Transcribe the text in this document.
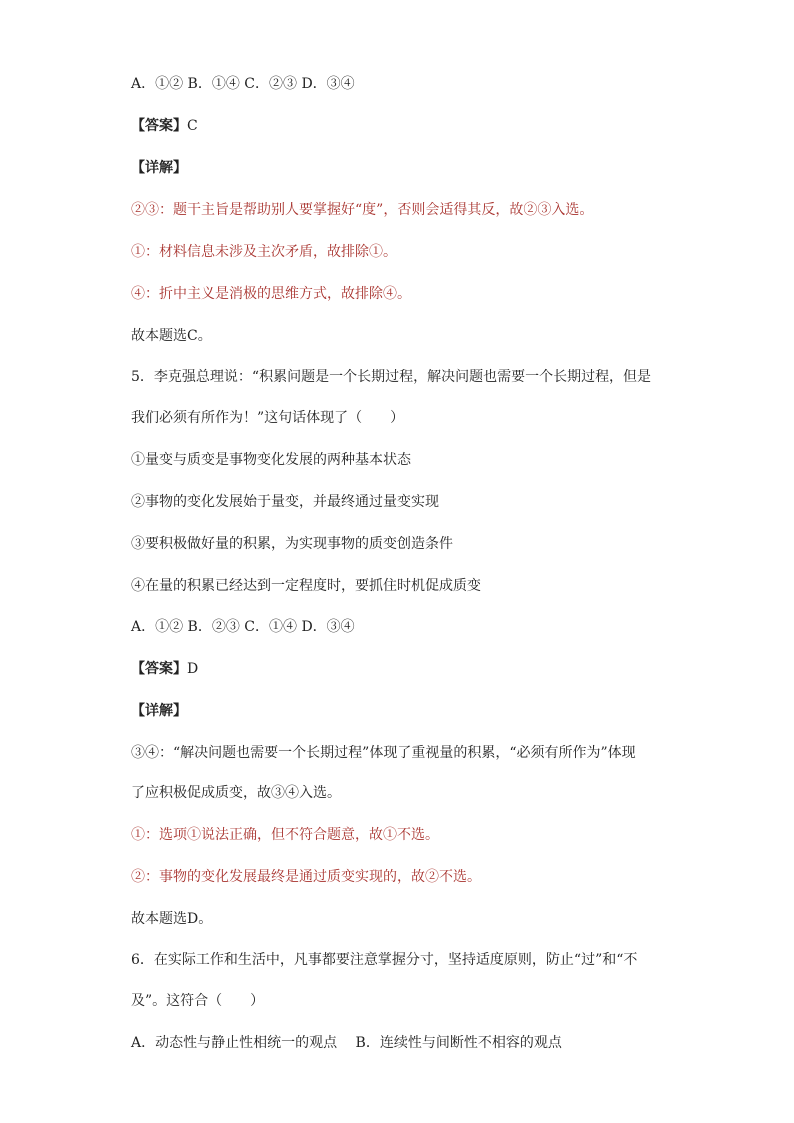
A．①② B．①④ C．②③ D．③④
【答案】C
【详解】
②③：题干主旨是帮助别人要掌握好“度”，否则会适得其反，故②③入选。
①：材料信息未涉及主次矛盾，故排除①。
④：折中主义是消极的思维方式，故排除④。
故本题选C。
5．李克强总理说：“积累问题是一个长期过程，解决问题也需要一个长期过程，但是
我们必须有所作为！”这句话体现了（　　）
①量变与质变是事物变化发展的两种基本状态
②事物的变化发展始于量变，并最终通过量变实现
③要积极做好量的积累，为实现事物的质变创造条件
④在量的积累已经达到一定程度时，要抓住时机促成质变
A．①② B．②③ C．①④ D．③④
【答案】D
【详解】
③④：“解决问题也需要一个长期过程”体现了重视量的积累，“必须有所作为”体现
了应积极促成质变，故③④入选。
①：选项①说法正确，但不符合题意，故①不选。
②：事物的变化发展最终是通过质变实现的，故②不选。
故本题选D。
6．在实际工作和生活中，凡事都要注意掌握分寸，坚持适度原则，防止“过”和“不
及”。这符合（　　）
A．动态性与静止性相统一的观点　 B．连续性与间断性不相容的观点
